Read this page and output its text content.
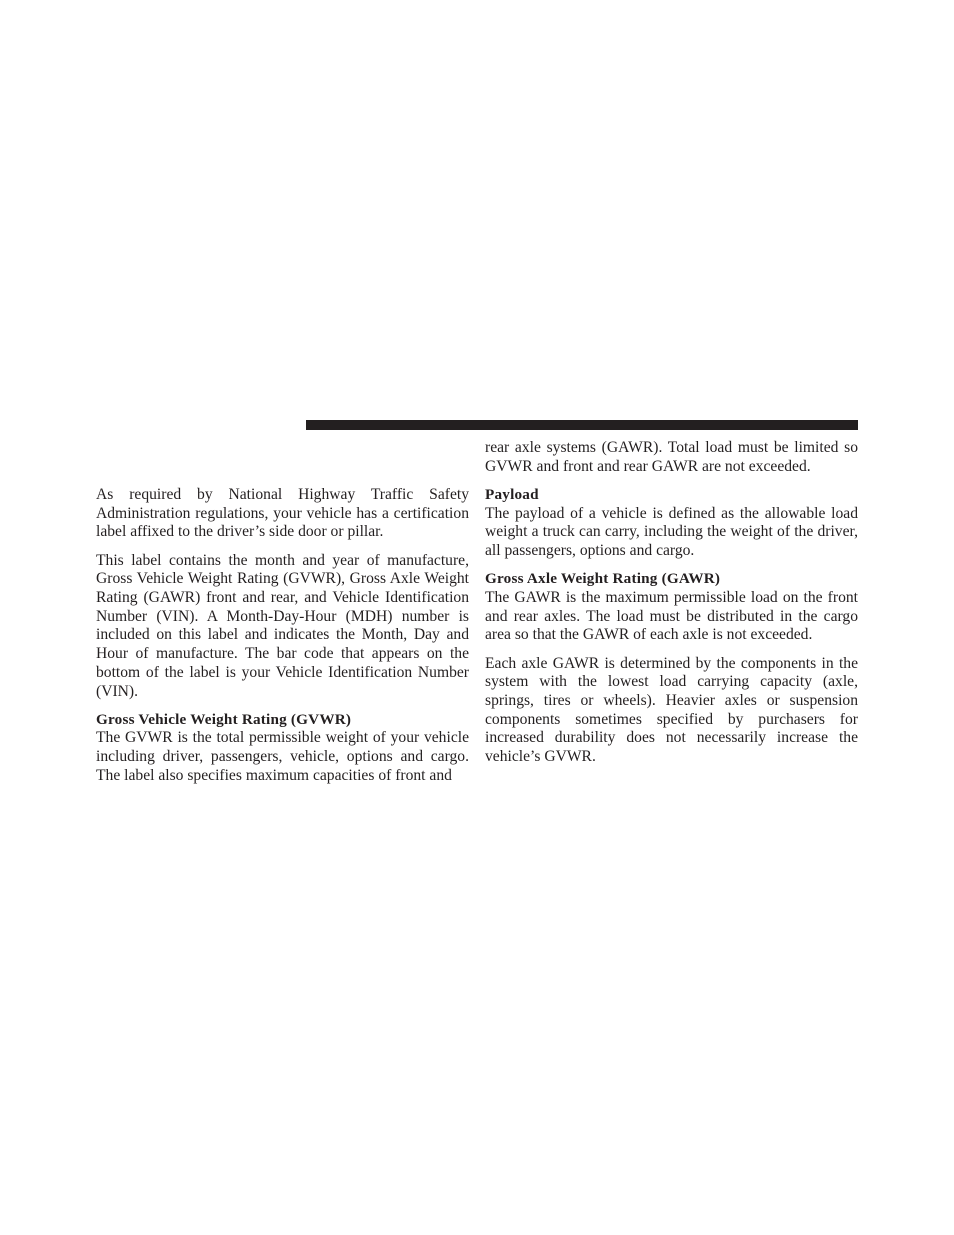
As required by National Highway Traffic Safety Administration regulations, your vehicle has a certification label affixed to the driver’s side door or pillar.

This label contains the month and year of manufacture, Gross Vehicle Weight Rating (GVWR), Gross Axle Weight Rating (GAWR) front and rear, and Vehicle Identification Number (VIN). A Month-Day-Hour (MDH) number is included on this label and indicates the Month, Day and Hour of manufacture. The bar code that appears on the bottom of the label is your Vehicle Identification Number (VIN).

Gross Vehicle Weight Rating (GVWR)

The GVWR is the total permissible weight of your vehicle including driver, passengers, vehicle, options and cargo. The label also specifies maximum capacities of front and

rear axle systems (GAWR). Total load must be limited so GVWR and front and rear GAWR are not exceeded.

Payload

The payload of a vehicle is defined as the allowable load weight a truck can carry, including the weight of the driver, all passengers, options and cargo.

Gross Axle Weight Rating (GAWR)

The GAWR is the maximum permissible load on the front and rear axles. The load must be distributed in the cargo area so that the GAWR of each axle is not exceeded.

Each axle GAWR is determined by the components in the system with the lowest load carrying capacity (axle, springs, tires or wheels). Heavier axles or suspension components sometimes specified by purchasers for increased durability does not necessarily increase the vehicle’s GVWR.
